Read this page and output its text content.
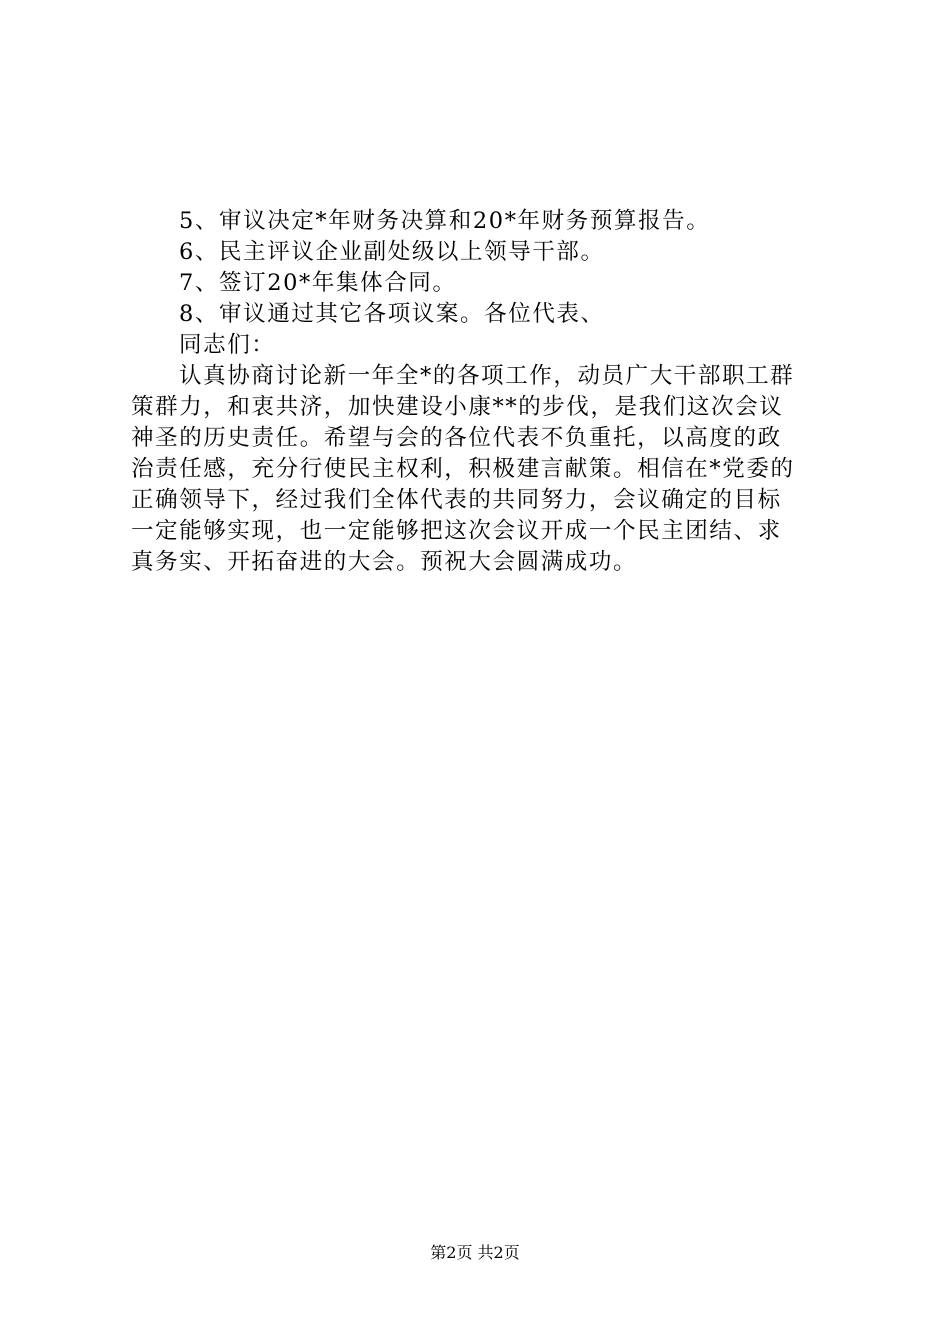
5、审议决定*年财务决算和20*年财务预算报告。
6、民主评议企业副处级以上领导干部。
7、签订20*年集体合同。
8、审议通过其它各项议案。各位代表、
同志们：
认真协商讨论新一年全*的各项工作，动员广大干部职工群
策群力，和衷共济，加快建设小康**的步伐，是我们这次会议
神圣的历史责任。希望与会的各位代表不负重托，以高度的政
治责任感，充分行使民主权利，积极建言献策。相信在*党委的
正确领导下，经过我们全体代表的共同努力，会议确定的目标
一定能够实现，也一定能够把这次会议开成一个民主团结、求
真务实、开拓奋进的大会。预祝大会圆满成功。
第2页 共2页
